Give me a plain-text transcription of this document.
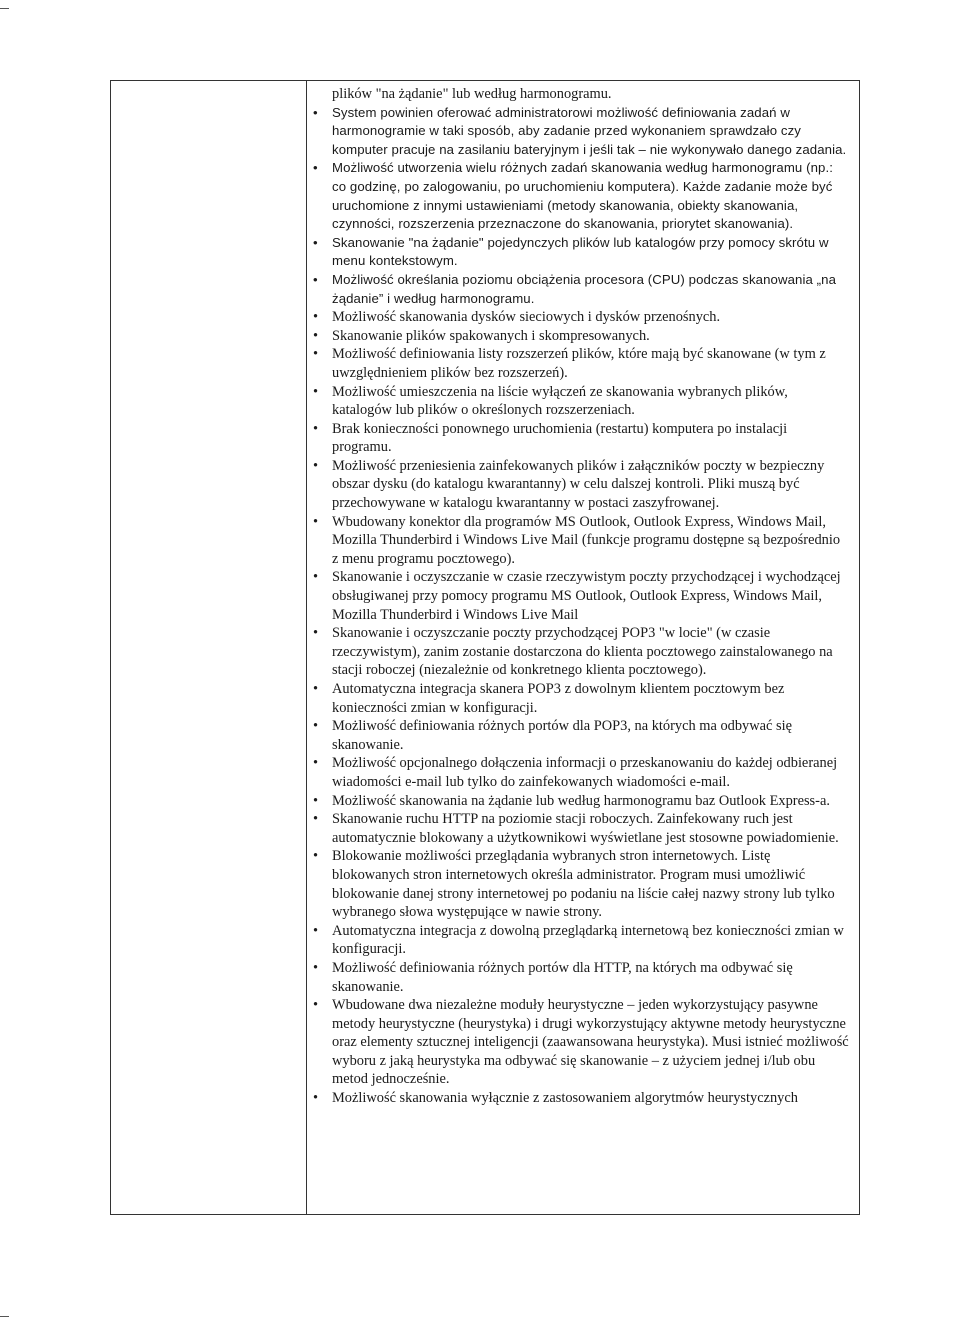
plików "na żądanie" lub według harmonogramu.

• System powinien oferować administratorowi możliwość definiowania zadań w harmonogramie w taki sposób, aby zadanie przed wykonaniem sprawdzało czy komputer pracuje na zasilaniu bateryjnym i jeśli tak – nie wykonywało danego zadania.
• Możliwość utworzenia wielu różnych zadań skanowania według harmonogramu (np.: co godzinę, po zalogowaniu, po uruchomieniu komputera). Każde zadanie może być uruchomione z innymi ustawieniami (metody skanowania, obiekty skanowania, czynności, rozszerzenia przeznaczone do skanowania, priorytet skanowania).
• Skanowanie "na żądanie" pojedynczych plików lub katalogów przy pomocy skrótu w menu kontekstowym.
• Możliwość określania poziomu obciążenia procesora (CPU) podczas skanowania „na żądanie” i według harmonogramu.
• Możliwość skanowania dysków sieciowych i dysków przenośnych.
• Skanowanie plików spakowanych i skompresowanych.
• Możliwość definiowania listy rozszerzeń plików, które mają być skanowane (w tym z uwzględnieniem plików bez rozszerzeń).
• Możliwość umieszczenia na liście wyłączeń ze skanowania wybranych plików, katalogów lub plików o określonych rozszerzeniach.
• Brak konieczności ponownego uruchomienia (restartu) komputera po instalacji programu.
• Możliwość przeniesienia zainfekowanych plików i załączników poczty w bezpieczny obszar dysku (do katalogu kwarantanny) w celu dalszej kontroli. Pliki muszą być przechowywane w katalogu kwarantanny w postaci zaszyfrowanej.
• Wbudowany konektor dla programów MS Outlook, Outlook Express, Windows Mail, Mozilla Thunderbird i Windows Live Mail (funkcje programu dostępne są bezpośrednio z menu programu pocztowego).
• Skanowanie i oczyszczanie w czasie rzeczywistym poczty przychodzącej i wychodzącej obsługiwanej przy pomocy programu MS Outlook, Outlook Express, Windows Mail, Mozilla Thunderbird i Windows Live Mail
• Skanowanie i oczyszczanie poczty przychodzącej POP3 "w locie" (w czasie rzeczywistym), zanim zostanie dostarczona do klienta pocztowego zainstalowanego na stacji roboczej (niezależnie od konkretnego klienta pocztowego).
• Automatyczna integracja skanera POP3 z dowolnym klientem pocztowym bez konieczności zmian w konfiguracji.
• Możliwość definiowania różnych portów dla POP3, na których ma odbywać się skanowanie.
• Możliwość opcjonalnego dołączenia informacji o przeskanowaniu do każdej odbieranej wiadomości e-mail lub tylko do zainfekowanych wiadomości e-mail.
• Możliwość skanowania na żądanie lub według harmonogramu baz Outlook Express-a.
• Skanowanie ruchu HTTP na poziomie stacji roboczych. Zainfekowany ruch jest automatycznie blokowany a użytkownikowi wyświetlane jest stosowne powiadomienie.
• Blokowanie możliwości przeglądania wybranych stron internetowych. Listę blokowanych stron internetowych określa administrator. Program musi umożliwić blokowanie danej strony internetowej po podaniu na liście całej nazwy strony lub tylko wybranego słowa występujące w nawie strony.
• Automatyczna integracja z dowolną przeglądarką internetową bez konieczności zmian w konfiguracji.
• Możliwość definiowania różnych portów dla HTTP, na których ma odbywać się skanowanie.
• Wbudowane dwa niezależne moduły heurystyczne – jeden wykorzystujący pasywne metody heurystyczne (heurystyka) i drugi wykorzystujący aktywne metody heurystyczne oraz elementy sztucznej inteligencji (zaawansowana heurystyka). Musi istnieć możliwość wyboru z jaką heurystyka ma odbywać się skanowanie – z użyciem jednej i/lub obu metod jednocześnie.
• Możliwość skanowania wyłącznie z zastosowaniem algorytmów heurystycznych
